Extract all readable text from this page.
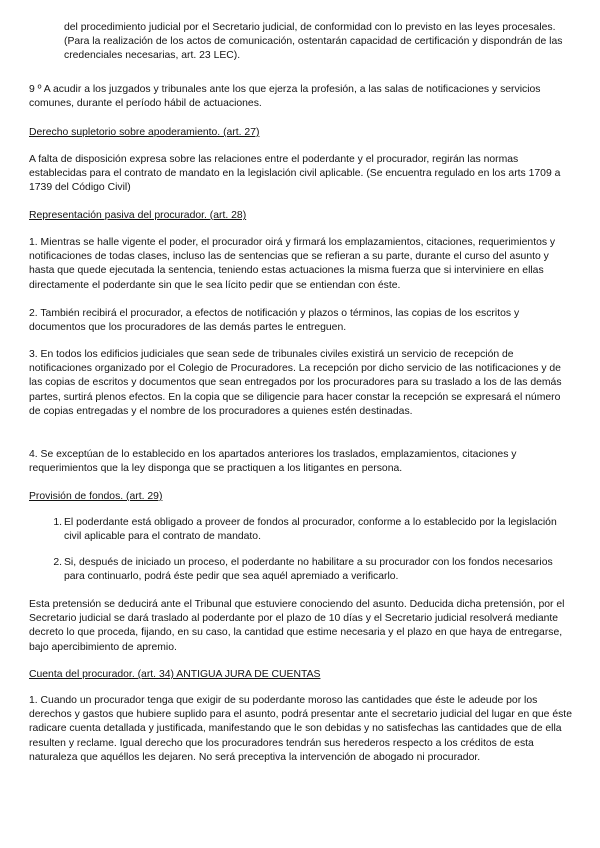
del procedimiento judicial por el Secretario judicial, de conformidad con lo previsto en las leyes procesales. (Para la realización de los actos de comunicación, ostentarán capacidad de certificación y dispondrán de las credenciales necesarias, art. 23 LEC).

9 º A acudir a los juzgados y tribunales ante los que ejerza la profesión, a las salas de notificaciones y servicios comunes, durante el período hábil de actuaciones.

Derecho supletorio sobre apoderamiento. (art. 27)

A falta de disposición expresa sobre las relaciones entre el poderdante y el procurador, regirán las normas establecidas para el contrato de mandato en la legislación civil aplicable. (Se encuentra regulado en los arts 1709 a 1739 del Código Civil)

Representación pasiva del procurador. (art. 28)

1. Mientras se halle vigente el poder, el procurador oirá y firmará los emplazamientos, citaciones, requerimientos y notificaciones de todas clases, incluso las de sentencias que se refieran a su parte, durante el curso del asunto y hasta que quede ejecutada la sentencia, teniendo estas actuaciones la misma fuerza que si interviniere en ellas directamente el poderdante sin que le sea lícito pedir que se entiendan con éste.

2. También recibirá el procurador, a efectos de notificación y plazos o términos, las copias de los escritos y documentos que los procuradores de las demás partes le entreguen.

3. En todos los edificios judiciales que sean sede de tribunales civiles existirá un servicio de recepción de notificaciones organizado por el Colegio de Procuradores. La recepción por dicho servicio de las notificaciones y de las copias de escritos y documentos que sean entregados por los procuradores para su traslado a los de las demás partes, surtirá plenos efectos. En la copia que se diligencie para hacer constar la recepción se expresará el número de copias entregadas y el nombre de los procuradores a quienes estén destinadas.

4. Se exceptúan de lo establecido en los apartados anteriores los traslados, emplazamientos, citaciones y requerimientos que la ley disponga que se practiquen a los litigantes en persona.

Provisión de fondos. (art. 29)

1. El poderdante está obligado a proveer de fondos al procurador, conforme a lo establecido por la legislación civil aplicable para el contrato de mandato.

2. Si, después de iniciado un proceso, el poderdante no habilitare a su procurador con los fondos necesarios para continuarlo, podrá éste pedir que sea aquél apremiado a verificarlo.

Esta pretensión se deducirá ante el Tribunal que estuviere conociendo del asunto. Deducida dicha pretensión, por el Secretario judicial se dará traslado al poderdante por el plazo de 10 días y el Secretario judicial resolverá mediante decreto lo que proceda, fijando, en su caso, la cantidad que estime necesaria y el plazo en que haya de entregarse, bajo apercibimiento de apremio.

Cuenta del procurador. (art. 34) ANTIGUA JURA DE CUENTAS

1. Cuando un procurador tenga que exigir de su poderdante moroso las cantidades que éste le adeude por los derechos y gastos que hubiere suplido para el asunto, podrá presentar ante el secretario judicial del lugar en que éste radicare cuenta detallada y justificada, manifestando que le son debidas y no satisfechas las cantidades que de ella resulten y reclame. Igual derecho que los procuradores tendrán sus herederos respecto a los créditos de esta naturaleza que aquéllos les dejaren. No será preceptiva la intervención de abogado ni procurador.
